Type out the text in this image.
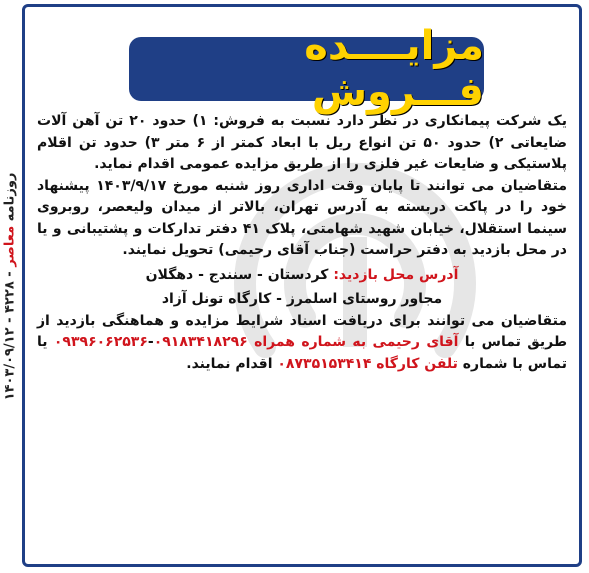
روزنامه معاصر - ۴۲۲۸ - ۱۴۰۳/۰۹/۱۲
مزایــــده فـــروش

یک شرکت پیمانکاری در نظر دارد نسبت به فروش: ۱) حدود ۲۰ تن آهن آلات ضایعاتی ۲) حدود ۵۰ تن انواع ریل با ابعاد کمتر از ۶ متر ۳) حدود تن اقلام پلاستیکی و ضایعات غیر فلزی را از طریق مزایده عمومی اقدام نماید.

متقاضیان می توانند تا پایان وقت اداری روز شنبه مورخ ۱۴۰۳/۹/۱۷ پیشنهاد خود را در پاکت دربسته به آدرس تهران، بالاتر از میدان ولیعصر، روبروی سینما استقلال، خیابان شهید شهامتی، پلاک ۴۱ دفتر تدارکات و پشتیبانی و یا در محل بازدید به دفتر حراست (جناب آقای رحیمی) تحویل نمایند.

آدرس محل بازدید: کردستان - سنندج - دهگلان
مجاور روستای اسلمرز - کارگاه تونل آزاد

متقاضیان می توانند برای دریافت اسناد شرایط مزایده و هماهنگی بازدید از طریق تماس با آقای رحیمی به شماره همراه ۰۹۱۸۳۴۱۸۲۹۶-۰۹۳۹۶۰۶۲۵۳۶ یا تماس با شماره تلفن کارگاه ۰۸۷۳۵۱۵۳۴۱۴ اقدام نمایند.
